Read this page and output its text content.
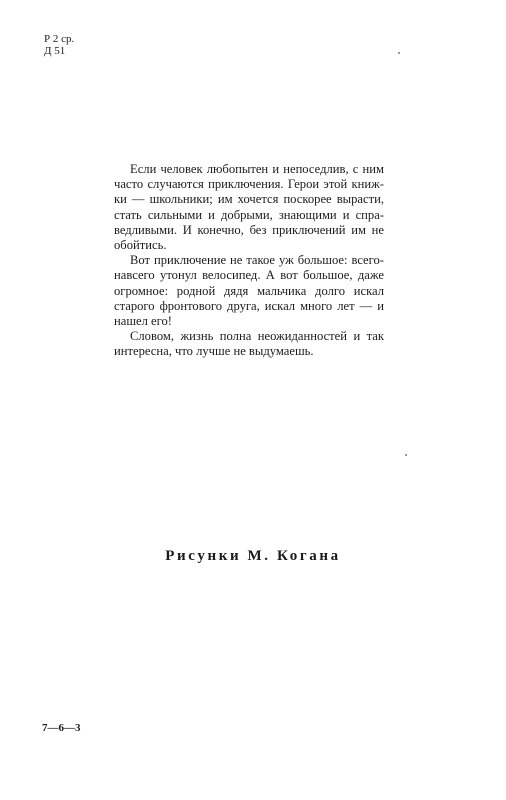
Р 2 ср.
Д 51

Если человек любопытен и непоседлив, с ним часто случаются приключения. Герои этой книжки — школьники; им хочется поскорее вырасти, стать сильными и добрыми, знающими и справедливыми. И конечно, без приключений им не обойтись.

Вот приключение не такое уж большое: всего-навсего утонул велосипед. А вот большое, даже огромное: родной дядя мальчика долго искал старого фронтового друга, искал много лет — и нашел его!

Словом, жизнь полна неожиданностей и так интересна, что лучше не выдумаешь.

Рисунки М. Когана
7—6—3
